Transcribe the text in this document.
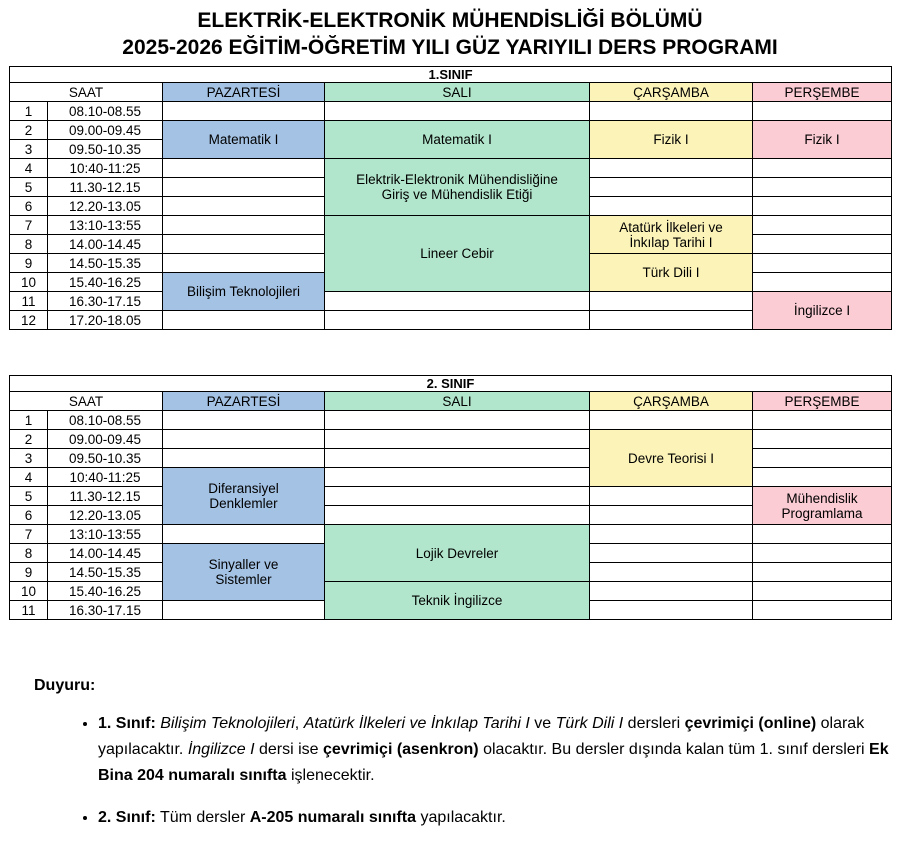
ELEKTRİK-ELEKTRONİK MÜHENDİSLİĞİ BÖLÜMÜ
2025-2026 EĞİTİM-ÖĞRETİM YILI GÜZ YARIYILI DERS PROGRAMI
1.SINIF					
SAAT		PAZARTESİ	SALI	ÇARŞAMBA	PERŞEMBE
1	08.10-08.55				
2	09.00-09.45	Matematik I	Matematik I	Fizik I	Fizik I
3	09.50-10.35				
4	10:40-11:25		Elektrik-Elektronik Mühendisliğine
Giriş ve Mühendislik Etiği		
5	11.30-12.15				
6	12.20-13.05				
7	13:10-13:55		Lineer Cebir	Atatürk İlkeleri ve
İnkılap Tarihi I	
8	14.00-14.45				
9	14.50-15.35			Türk Dili I	
10	15.40-16.25	Bilişim Teknolojileri			
11	16.30-17.15				İngilizce I
12	17.20-18.05				
2. SINIF					
SAAT		PAZARTESİ	SALI	ÇARŞAMBA	PERŞEMBE
1	08.10-08.55				
2	09.00-09.45			Devre Teorisi I	
3	09.50-10.35				
4	10:40-11:25	Diferansiyel
Denklemler			
5	11.30-12.15				Mühendislik
Programlama
6	12.20-13.05				
7	13:10-13:55		Lojik Devreler		
8	14.00-14.45	Sinyaller ve
Sistemler			
9	14.50-15.35				
10	15.40-16.25		Teknik İngilizce		
11	16.30-17.15				
Duyuru:
• 1. Sınıf: Bilişim Teknolojileri, Atatürk İlkeleri ve İnkılap Tarihi I ve Türk Dili I dersleri çevrimiçi (online) olarak yapılacaktır. İngilizce I dersi ise çevrimiçi (asenkron) olacaktır. Bu dersler dışında kalan tüm 1. sınıf dersleri Ek Bina 204 numaralı sınıfta işlenecektir.
• 2. Sınıf: Tüm dersler A-205 numaralı sınıfta yapılacaktır.
